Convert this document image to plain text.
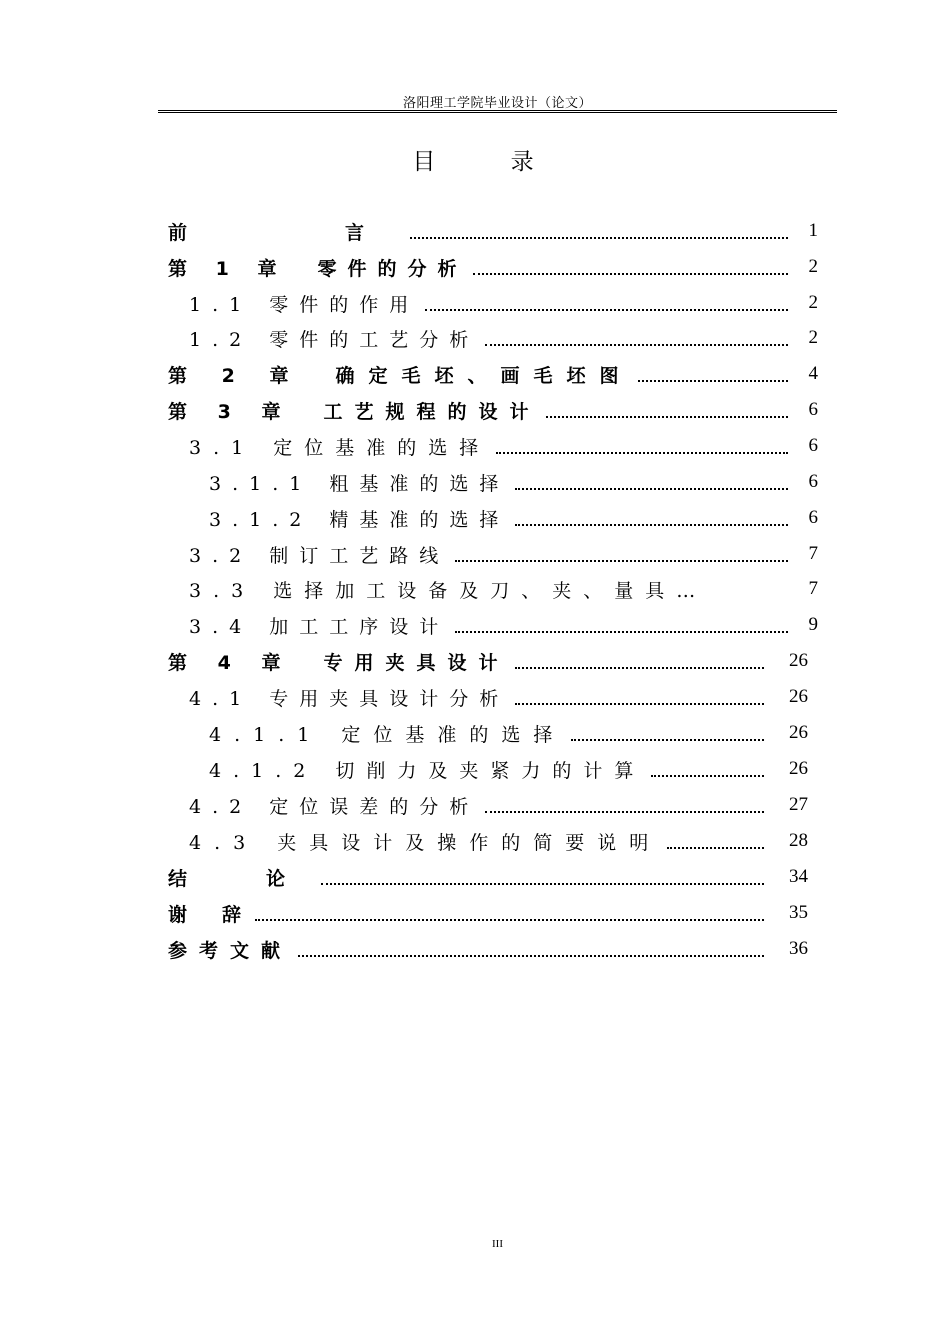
洛阳理工学院毕业设计（论文）
目 录
前　　言	1
第 1 章　零件的分析	2
1.1 零件的作用	2
1.2 零件的工艺分析	2
第 2 章　确定毛坯、画毛坯图	4
第 3 章　工艺规程的设计	6
3.1 定位基准的选择	6
3.1.1 粗基准的选择	6
3.1.2 精基准的选择	6
3.2 制订工艺路线	7
3.3 选择加工设备及刀、夹、量具…	7
3.4 加工工序设计	9
第 4 章　专用夹具设计	26
4.1 专用夹具设计分析	26
4.1.1 定位基准的选择	26
4.1.2 切削力及夹紧力的计算	26
4.2 定位误差的分析	27
4.3 夹具设计及操作的简要说明	28
结　论	34
谢　辞	35
参考文献	36
III
